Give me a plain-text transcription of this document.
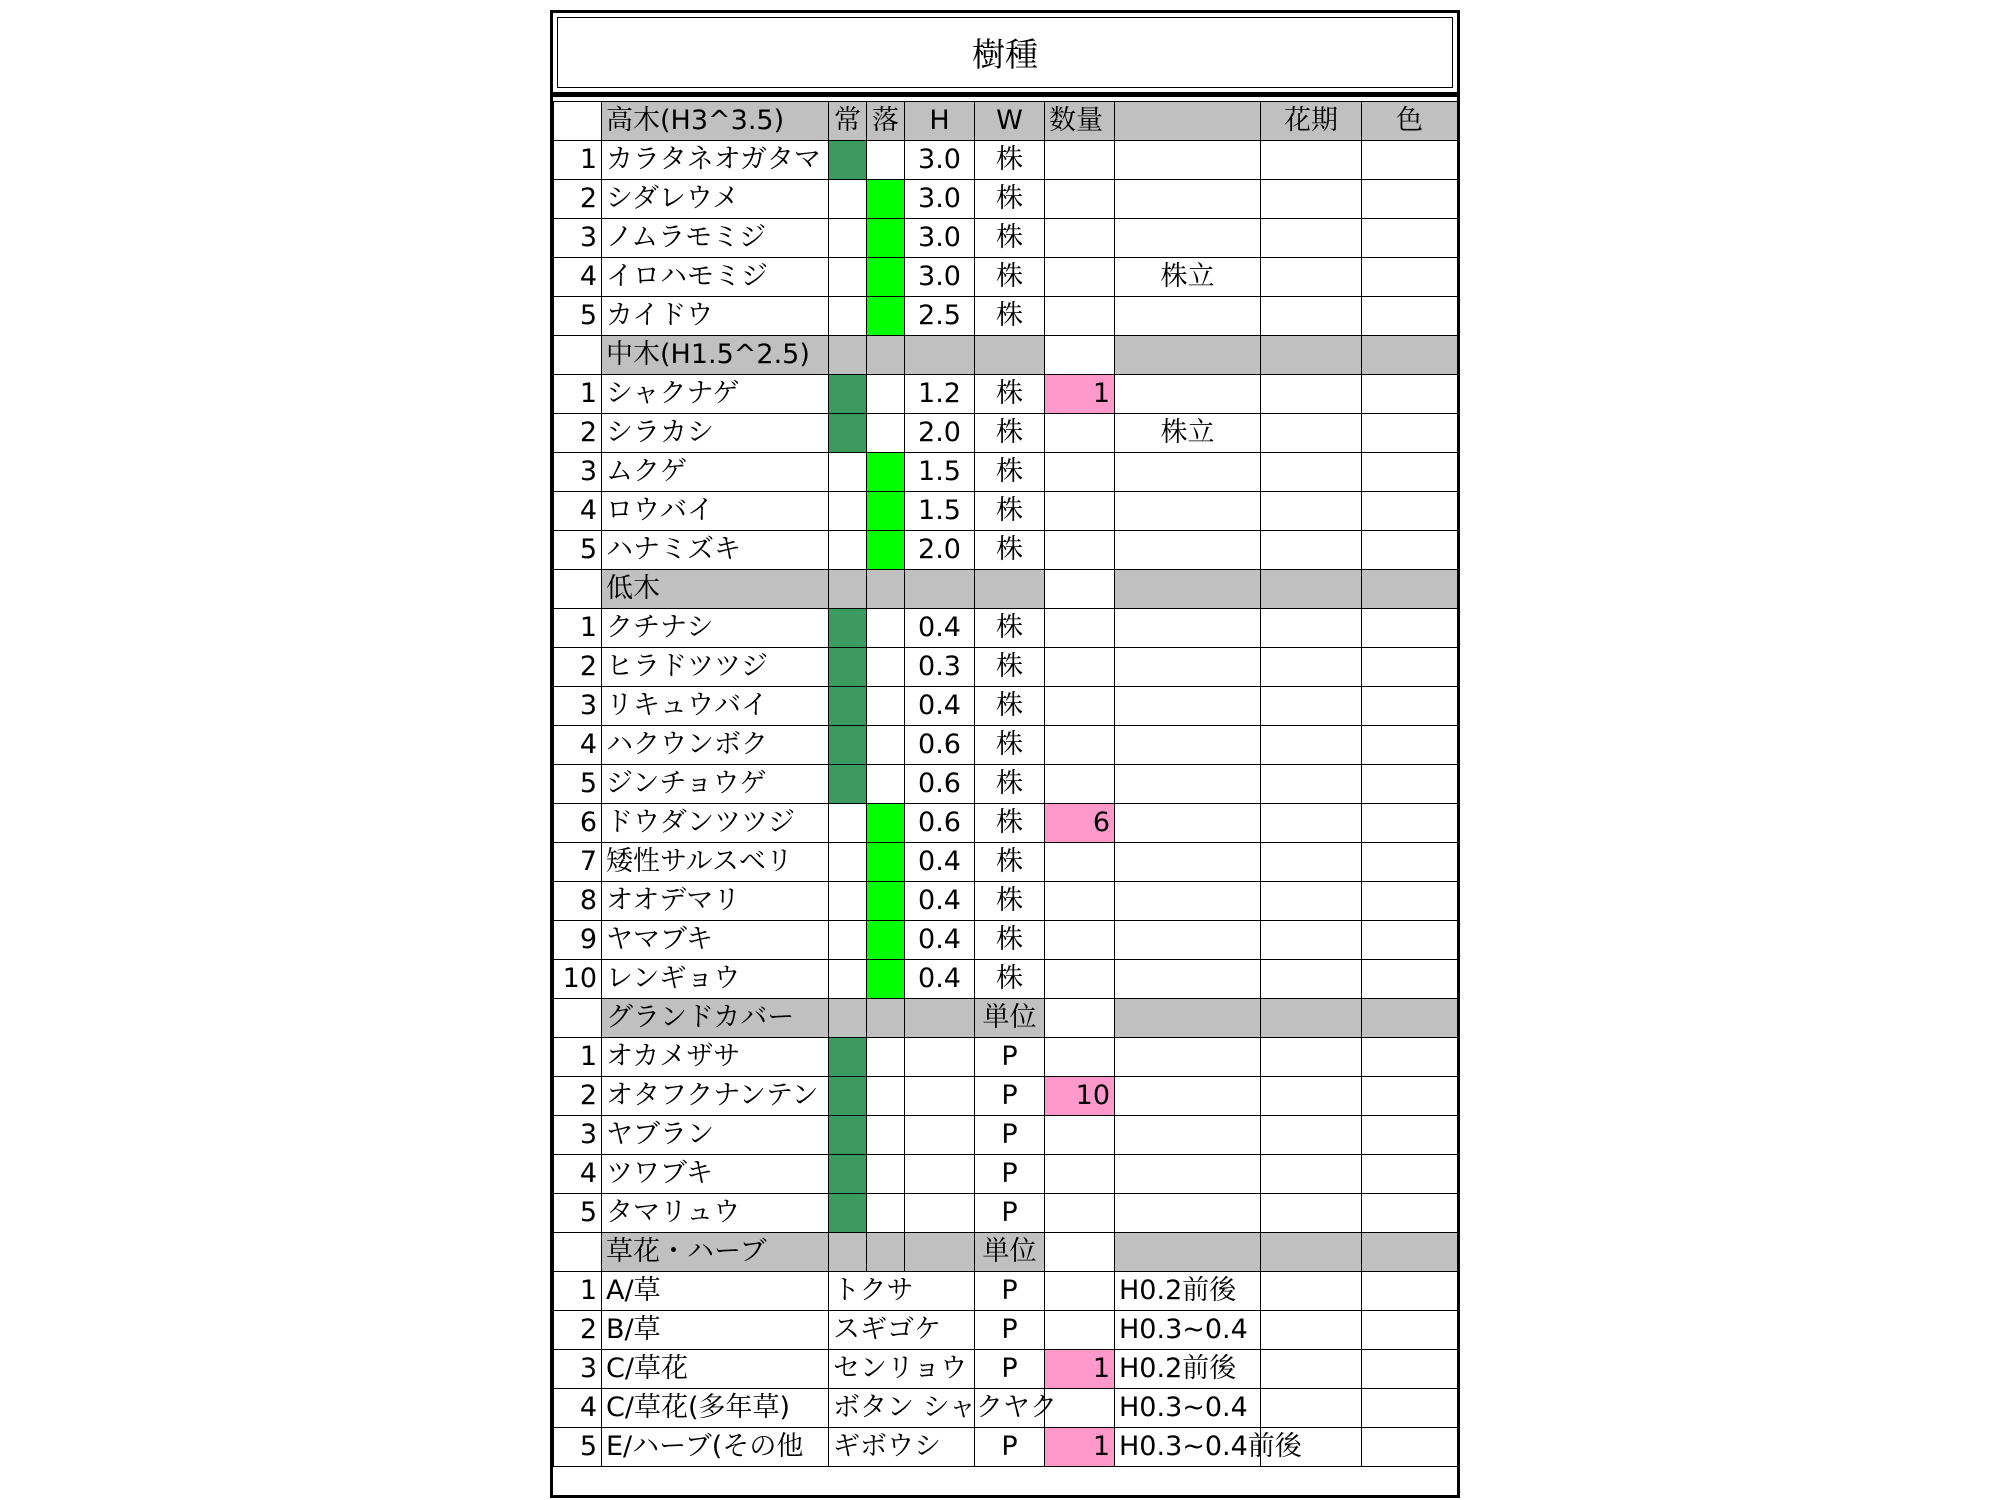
樹種
	高木(H3^3.5)	常	落	H	W	数量		花期	色
1	カラタネオガタマ			3.0	株				
2	シダレウメ			3.0	株				
3	ノムラモミジ			3.0	株				
4	イロハモミジ			3.0	株		株立		
5	カイドウ			2.5	株				
	中木(H1.5^2.5)								
1	シャクナゲ			1.2	株	1			
2	シラカシ			2.0	株		株立		
3	ムクゲ			1.5	株				
4	ロウバイ			1.5	株				
5	ハナミズキ			2.0	株				
	低木								
1	クチナシ			0.4	株				
2	ヒラドツツジ			0.3	株				
3	リキュウバイ			0.4	株				
4	ハクウンボク			0.6	株				
5	ジンチョウゲ			0.6	株				
6	ドウダンツツジ			0.6	株	6			
7	矮性サルスベリ			0.4	株				
8	オオデマリ			0.4	株				
9	ヤマブキ			0.4	株				
10	レンギョウ			0.4	株				
	グランドカバー				単位				
1	オカメザサ				P				
2	オタフクナンテン				P	10			
3	ヤブラン				P				
4	ツワブキ				P				
5	タマリュウ				P				
	草花・ハーブ				単位				
1	A/草	トクサ			P		H0.2前後		
2	B/草	スギゴケ			P		H0.3~0.4		
3	C/草花	センリョウ			P	1	H0.2前後		
4	C/草花(多年草)	ボタン シャクヤク					H0.3~0.4		
5	E/ハーブ(その他	ギボウシ			P	1	H0.3~0.4前後		
